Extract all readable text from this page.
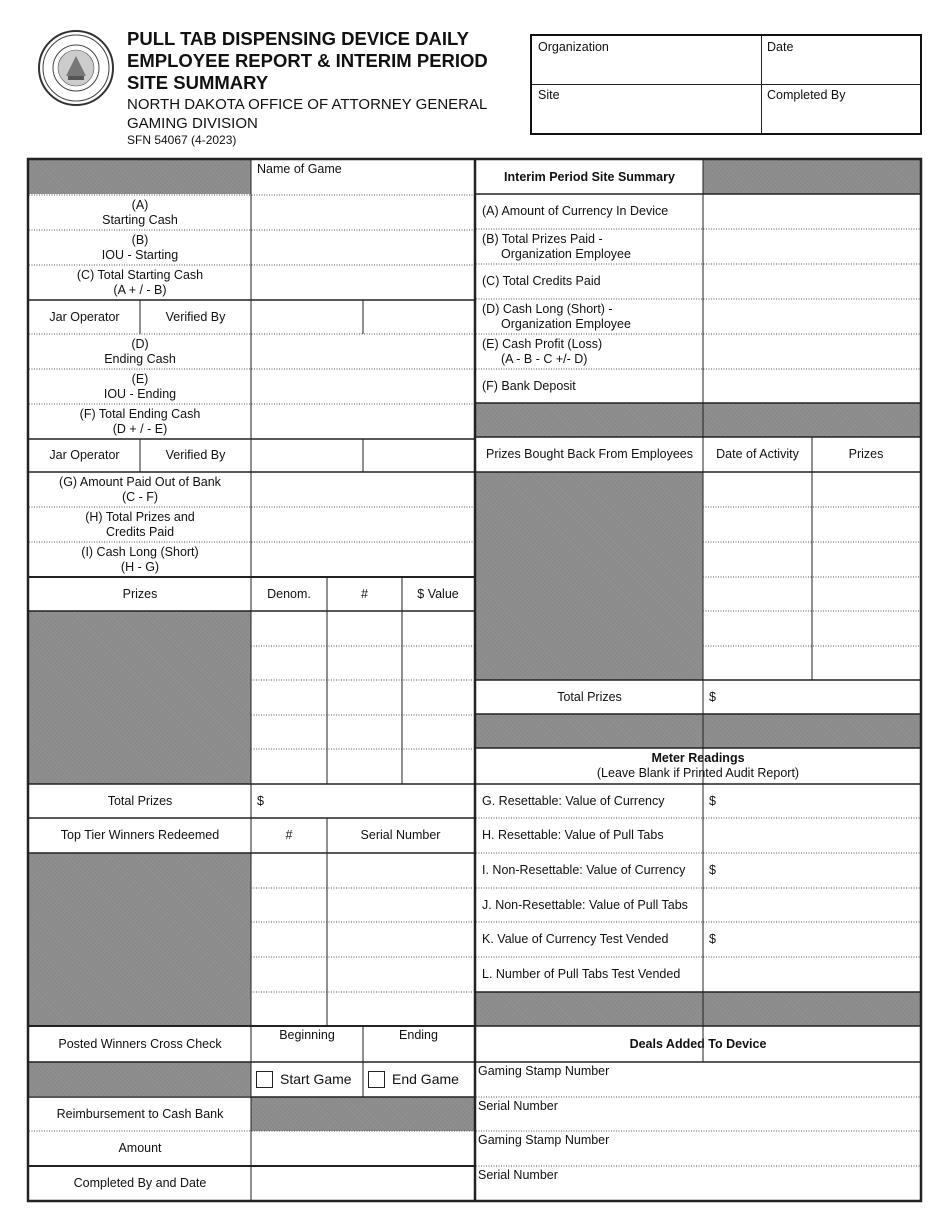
PULL TAB DISPENSING DEVICE DAILY
EMPLOYEE REPORT & INTERIM PERIOD
SITE SUMMARY
NORTH DAKOTA OFFICE OF ATTORNEY GENERAL
GAMING DIVISION
SFN 54067 (4-2023)
Organization	Date
Site	Completed By
Name of Game
(A)
Starting Cash
(B)
IOU - Starting
(C) Total Starting Cash
(A + / - B)
Jar Operator	Verified By
(D)
Ending Cash
(E)
IOU - Ending
(F) Total Ending Cash
(D + / - E)
Jar Operator	Verified By
(G) Amount Paid Out of Bank
(C - F)
(H) Total Prizes and
Credits Paid
(I) Cash Long (Short)
(H - G)
Prizes	Denom.	#	$ Value
Total Prizes	$
Top Tier Winners Redeemed	#	Serial Number
Posted Winners Cross Check
Beginning	Ending
Start Game	End Game
Reimbursement to Cash Bank
Amount
Completed By and Date
Interim Period Site Summary
(A) Amount of Currency In Device
(B) Total Prizes Paid -
Organization Employee
(C) Total Credits Paid
(D) Cash Long (Short) -
Organization Employee
(E) Cash Profit (Loss)
(A - B - C +/- D)
(F) Bank Deposit
Prizes Bought Back From Employees	Date of Activity	Prizes
Total Prizes	$
Meter Readings
(Leave Blank if Printed Audit Report)
G. Resettable: Value of Currency	$
H. Resettable: Value of Pull Tabs
I. Non-Resettable: Value of Currency	$
J. Non-Resettable: Value of Pull Tabs
K. Value of Currency Test Vended	$
L. Number of Pull Tabs Test Vended
Deals Added To Device
Gaming Stamp Number
Serial Number
Gaming Stamp Number
Serial Number
